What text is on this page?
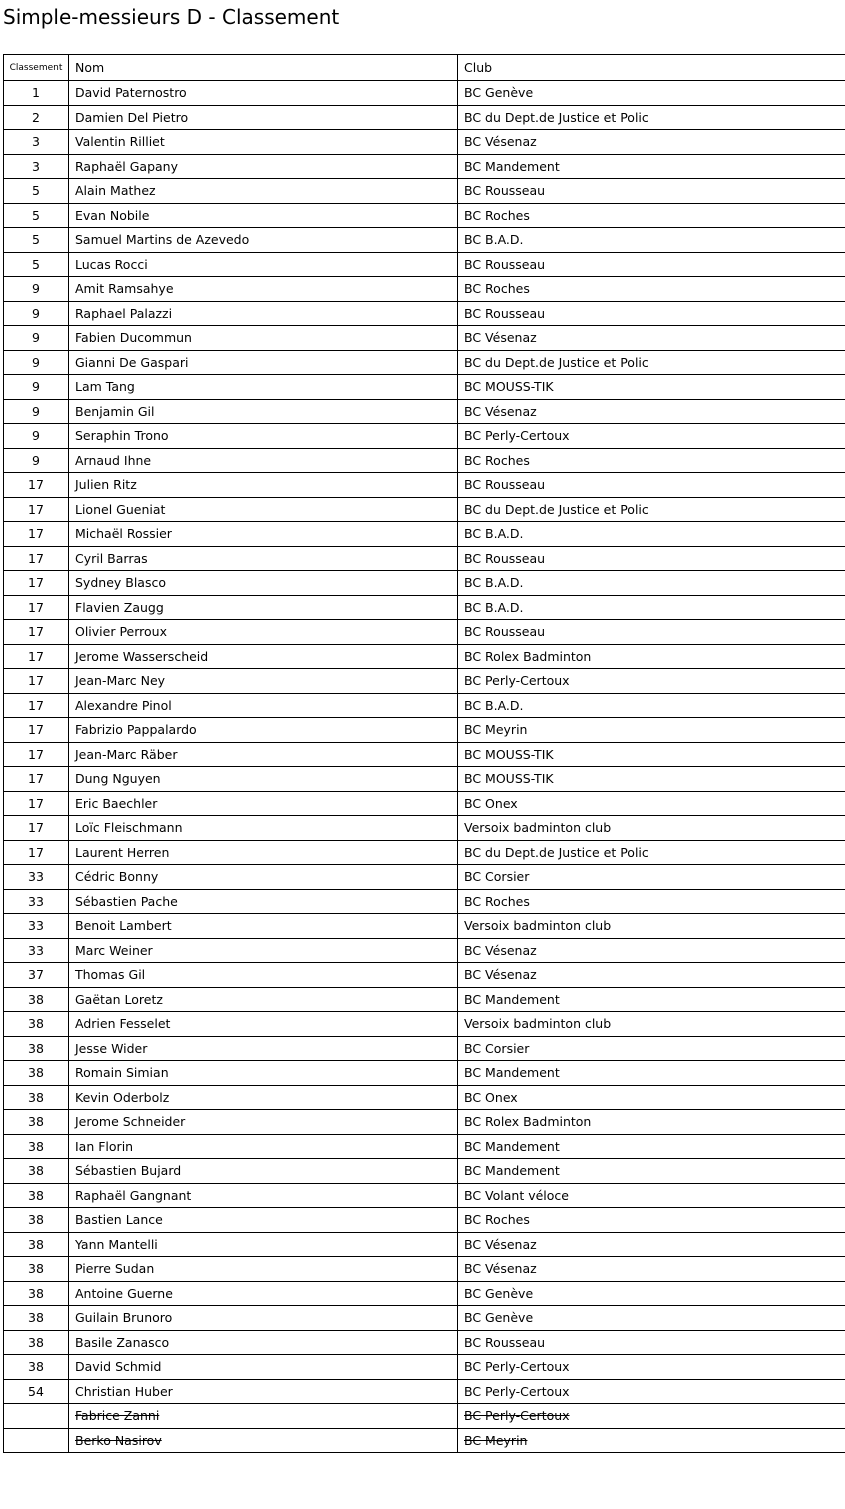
Simple-messieurs D - Classement
Classement	Nom	Club
1	David Paternostro	BC Genève
2	Damien Del Pietro	BC du Dept.de Justice et Polic
3	Valentin Rilliet	BC Vésenaz
3	Raphaël Gapany	BC Mandement
5	Alain Mathez	BC Rousseau
5	Evan Nobile	BC Roches
5	Samuel Martins de Azevedo	BC B.A.D.
5	Lucas Rocci	BC Rousseau
9	Amit Ramsahye	BC Roches
9	Raphael Palazzi	BC Rousseau
9	Fabien Ducommun	BC Vésenaz
9	Gianni De Gaspari	BC du Dept.de Justice et Polic
9	Lam Tang	BC MOUSS-TIK
9	Benjamin Gil	BC Vésenaz
9	Seraphin Trono	BC Perly-Certoux
9	Arnaud Ihne	BC Roches
17	Julien Ritz	BC Rousseau
17	Lionel Gueniat	BC du Dept.de Justice et Polic
17	Michaël Rossier	BC B.A.D.
17	Cyril Barras	BC Rousseau
17	Sydney Blasco	BC B.A.D.
17	Flavien Zaugg	BC B.A.D.
17	Olivier Perroux	BC Rousseau
17	Jerome Wasserscheid	BC Rolex Badminton
17	Jean-Marc Ney	BC Perly-Certoux
17	Alexandre Pinol	BC B.A.D.
17	Fabrizio Pappalardo	BC Meyrin
17	Jean-Marc Räber	BC MOUSS-TIK
17	Dung Nguyen	BC MOUSS-TIK
17	Eric Baechler	BC Onex
17	Loïc Fleischmann	Versoix badminton club
17	Laurent Herren	BC du Dept.de Justice et Polic
33	Cédric Bonny	BC Corsier
33	Sébastien Pache	BC Roches
33	Benoit Lambert	Versoix badminton club
33	Marc Weiner	BC Vésenaz
37	Thomas Gil	BC Vésenaz
38	Gaëtan Loretz	BC Mandement
38	Adrien Fesselet	Versoix badminton club
38	Jesse Wider	BC Corsier
38	Romain Simian	BC Mandement
38	Kevin Oderbolz	BC Onex
38	Jerome Schneider	BC Rolex Badminton
38	Ian Florin	BC Mandement
38	Sébastien Bujard	BC Mandement
38	Raphaël Gangnant	BC Volant véloce
38	Bastien Lance	BC Roches
38	Yann Mantelli	BC Vésenaz
38	Pierre Sudan	BC Vésenaz
38	Antoine Guerne	BC Genève
38	Guilain Brunoro	BC Genève
38	Basile Zanasco	BC Rousseau
38	David Schmid	BC Perly-Certoux
54	Christian Huber	BC Perly-Certoux
	Fabrice Zanni	BC Perly-Certoux
	Berko Nasirov	BC Meyrin
